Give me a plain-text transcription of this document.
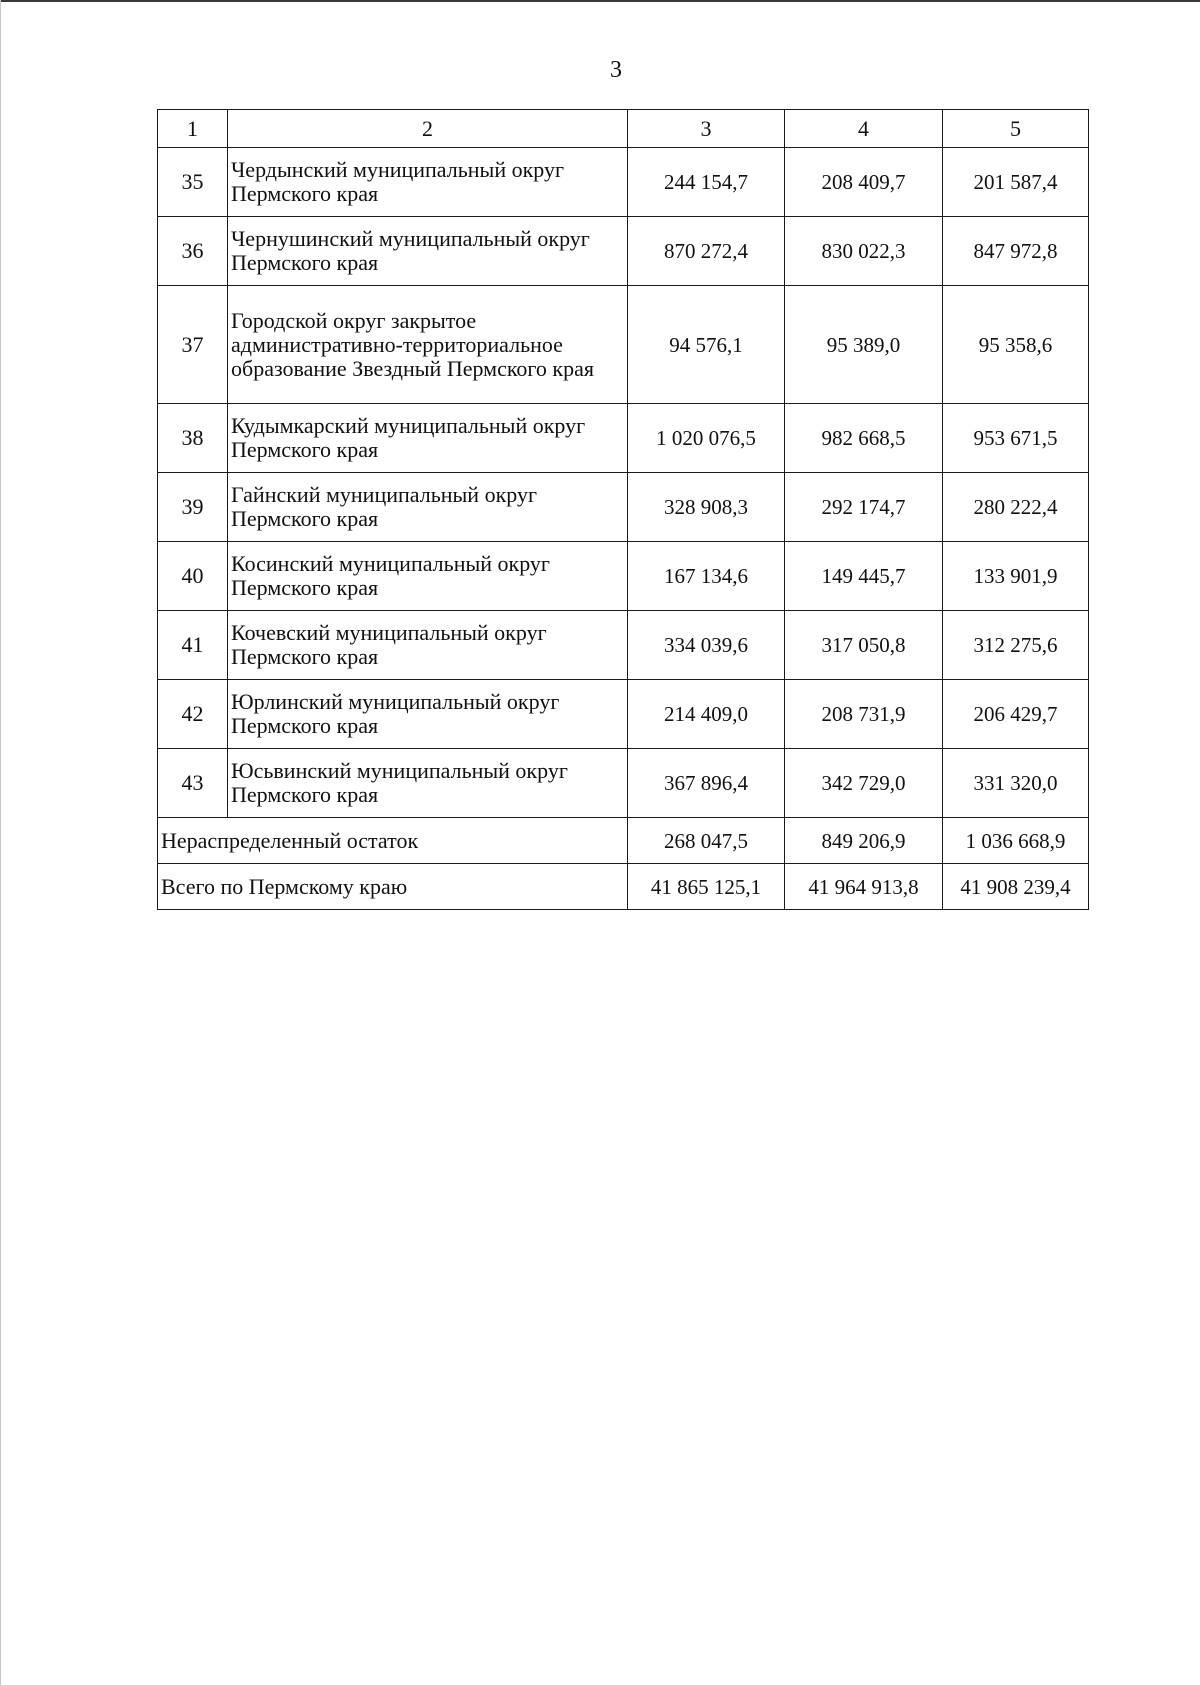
3
1	2	3	4	5
35	Чердынский муниципальный округ Пермского края	244 154,7	208 409,7	201 587,4
36	Чернушинский муниципальный округ Пермского края	870 272,4	830 022,3	847 972,8
37	Городской округ закрытое административно-территориальное образование Звездный Пермского края	94 576,1	95 389,0	95 358,6
38	Кудымкарский муниципальный округ Пермского края	1 020 076,5	982 668,5	953 671,5
39	Гайнский муниципальный округ Пермского края	328 908,3	292 174,7	280 222,4
40	Косинский муниципальный округ Пермского края	167 134,6	149 445,7	133 901,9
41	Кочевский муниципальный округ Пермского края	334 039,6	317 050,8	312 275,6
42	Юрлинский муниципальный округ Пермского края	214 409,0	208 731,9	206 429,7
43	Юсьвинский муниципальный округ Пермского края	367 896,4	342 729,0	331 320,0
Нераспределенный остаток		268 047,5	849 206,9	1 036 668,9
Всего по Пермскому краю		41 865 125,1	41 964 913,8	41 908 239,4
